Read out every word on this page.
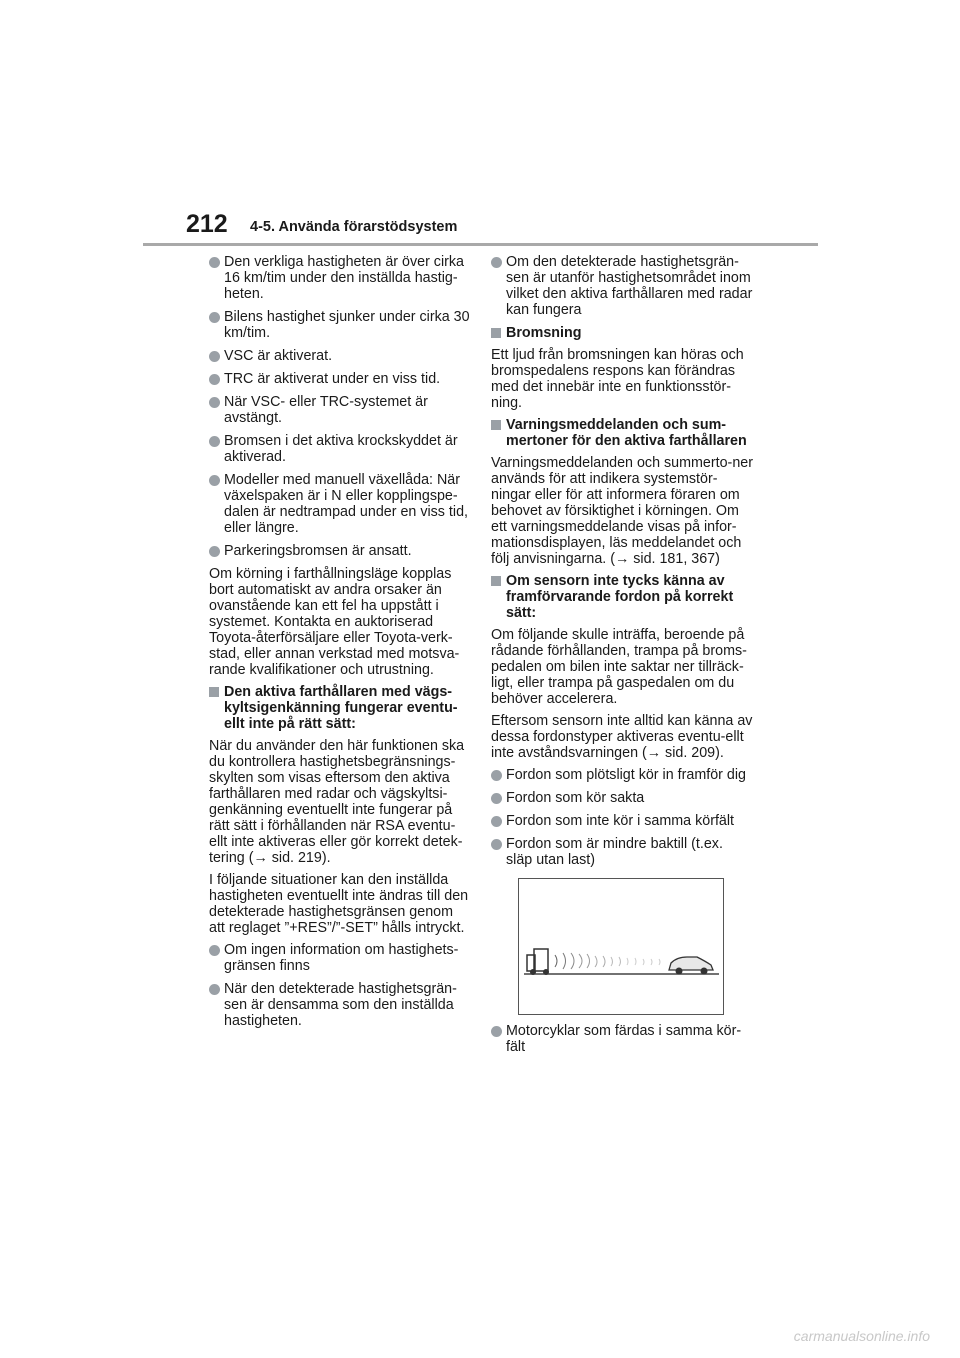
212 4-5. Använda förarstödsystem
Den verkliga hastigheten är över cirka 16 km/tim under den inställda hastig-heten.
Bilens hastighet sjunker under cirka 30 km/tim.
VSC är aktiverat.
TRC är aktiverat under en viss tid.
När VSC- eller TRC-systemet är avstängt.
Bromsen i det aktiva krockskyddet är aktiverad.
Modeller med manuell växellåda: När växelspaken är i N eller kopplingspe-dalen är nedtrampad under en viss tid, eller längre.
Parkeringsbromsen är ansatt.
Om körning i farthållningsläge kopplas bort automatiskt av andra orsaker än ovanstående kan ett fel ha uppstått i systemet. Kontakta en auktoriserad Toyota-återförsäljare eller Toyota-verk-stad, eller annan verkstad med motsva-rande kvalifikationer och utrustning.
Den aktiva farthållaren med vägs-kyltsigenkänning fungerar eventu-ellt inte på rätt sätt:
När du använder den här funktionen ska du kontrollera hastighetsbegränsnings-skylten som visas eftersom den aktiva farthållaren med radar och vägskyltsi-genkänning eventuellt inte fungerar på rätt sätt i förhållanden när RSA eventu-ellt inte aktiveras eller gör korrekt detek-tering (→ sid. 219).
I följande situationer kan den inställda hastigheten eventuellt inte ändras till den detekterade hastighetsgränsen genom att reglaget ”+RES”/”-SET” hålls intryckt.
Om ingen information om hastighets-gränsen finns
När den detekterade hastighetsgrän-sen är densamma som den inställda hastigheten.
Om den detekterade hastighetsgrän-sen är utanför hastighetsområdet inom vilket den aktiva farthållaren med radar kan fungera
Bromsning
Ett ljud från bromsningen kan höras och bromspedalens respons kan förändras med det innebär inte en funktionsstör-ning.
Varningsmeddelanden och sum-mertoner för den aktiva farthållaren
Varningsmeddelanden och summerto-ner används för att indikera systemstör-ningar eller för att informera föraren om behovet av försiktighet i körningen. Om ett varningsmeddelande visas på infor-mationsdisplayen, läs meddelandet och följ anvisningarna. (→ sid. 181, 367)
Om sensorn inte tycks känna av framförvarande fordon på korrekt sätt:
Om följande skulle inträffa, beroende på rådande förhållanden, trampa på broms-pedalen om bilen inte saktar ner tillräck-ligt, eller trampa på gaspedalen om du behöver accelerera.
Eftersom sensorn inte alltid kan känna av dessa fordonstyper aktiveras eventu-ellt inte avståndsvarningen (→ sid. 209).
Fordon som plötsligt kör in framför dig
Fordon som kör sakta
Fordon som inte kör i samma körfält
Fordon som är mindre baktill (t.ex. släp utan last)
Motorcyklar som färdas i samma kör-fält
carmanualsonline.info
